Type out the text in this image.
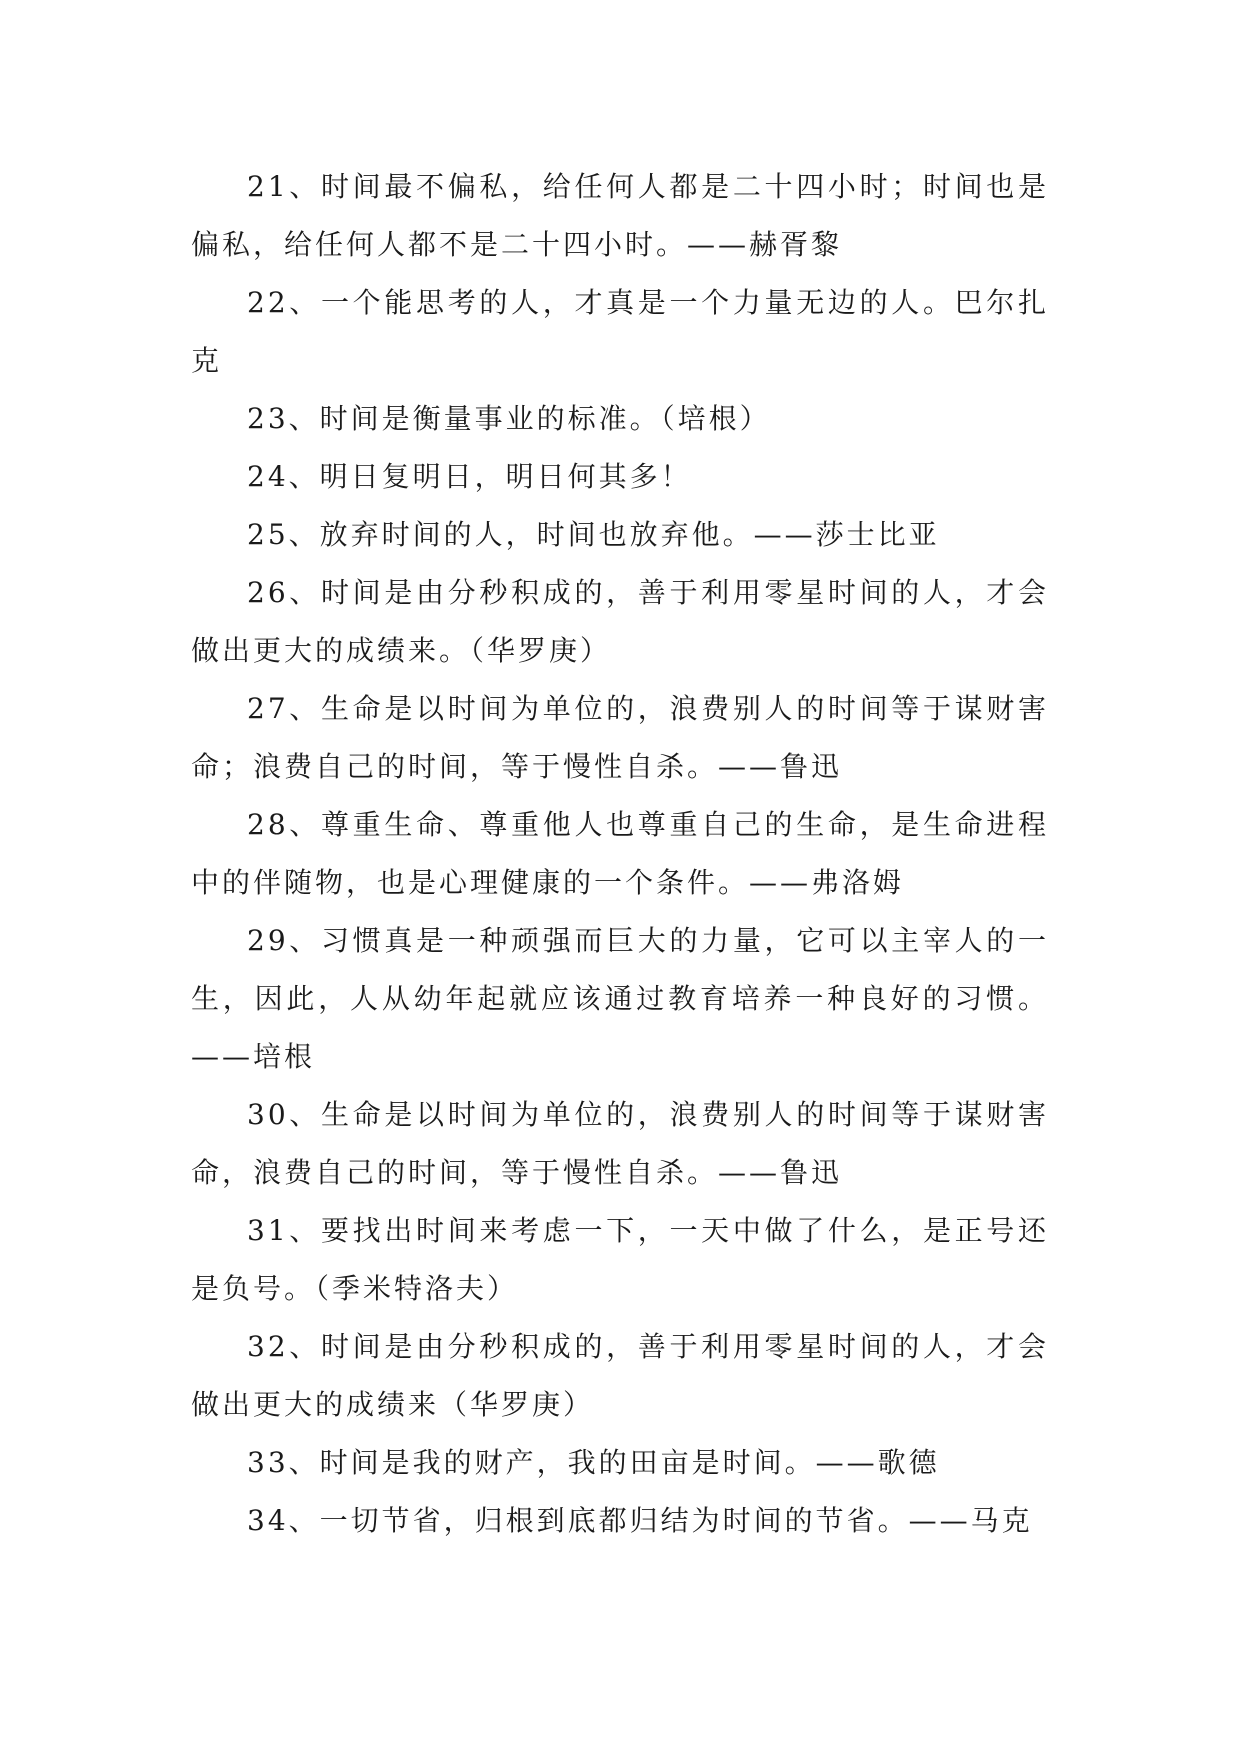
21、时间最不偏私，给任何人都是二十四小时；时间也是偏私，给任何人都不是二十四小时。——赫胥黎

22、一个能思考的人，才真是一个力量无边的人。巴尔扎克

23、时间是衡量事业的标准。（培根）

24、明日复明日，明日何其多！

25、放弃时间的人，时间也放弃他。——莎士比亚

26、时间是由分秒积成的，善于利用零星时间的人，才会做出更大的成绩来。（华罗庚）

27、生命是以时间为单位的，浪费别人的时间等于谋财害命；浪费自己的时间，等于慢性自杀。——鲁迅

28、尊重生命、尊重他人也尊重自己的生命，是生命进程中的伴随物，也是心理健康的一个条件。——弗洛姆

29、习惯真是一种顽强而巨大的力量，它可以主宰人的一生，因此，人从幼年起就应该通过教育培养一种良好的习惯。——培根

30、生命是以时间为单位的，浪费别人的时间等于谋财害命，浪费自己的时间，等于慢性自杀。——鲁迅

31、要找出时间来考虑一下，一天中做了什么，是正号还是负号。（季米特洛夫）

32、时间是由分秒积成的，善于利用零星时间的人，才会做出更大的成绩来（华罗庚）

33、时间是我的财产，我的田亩是时间。——歌德

34、一切节省，归根到底都归结为时间的节省。——马克
